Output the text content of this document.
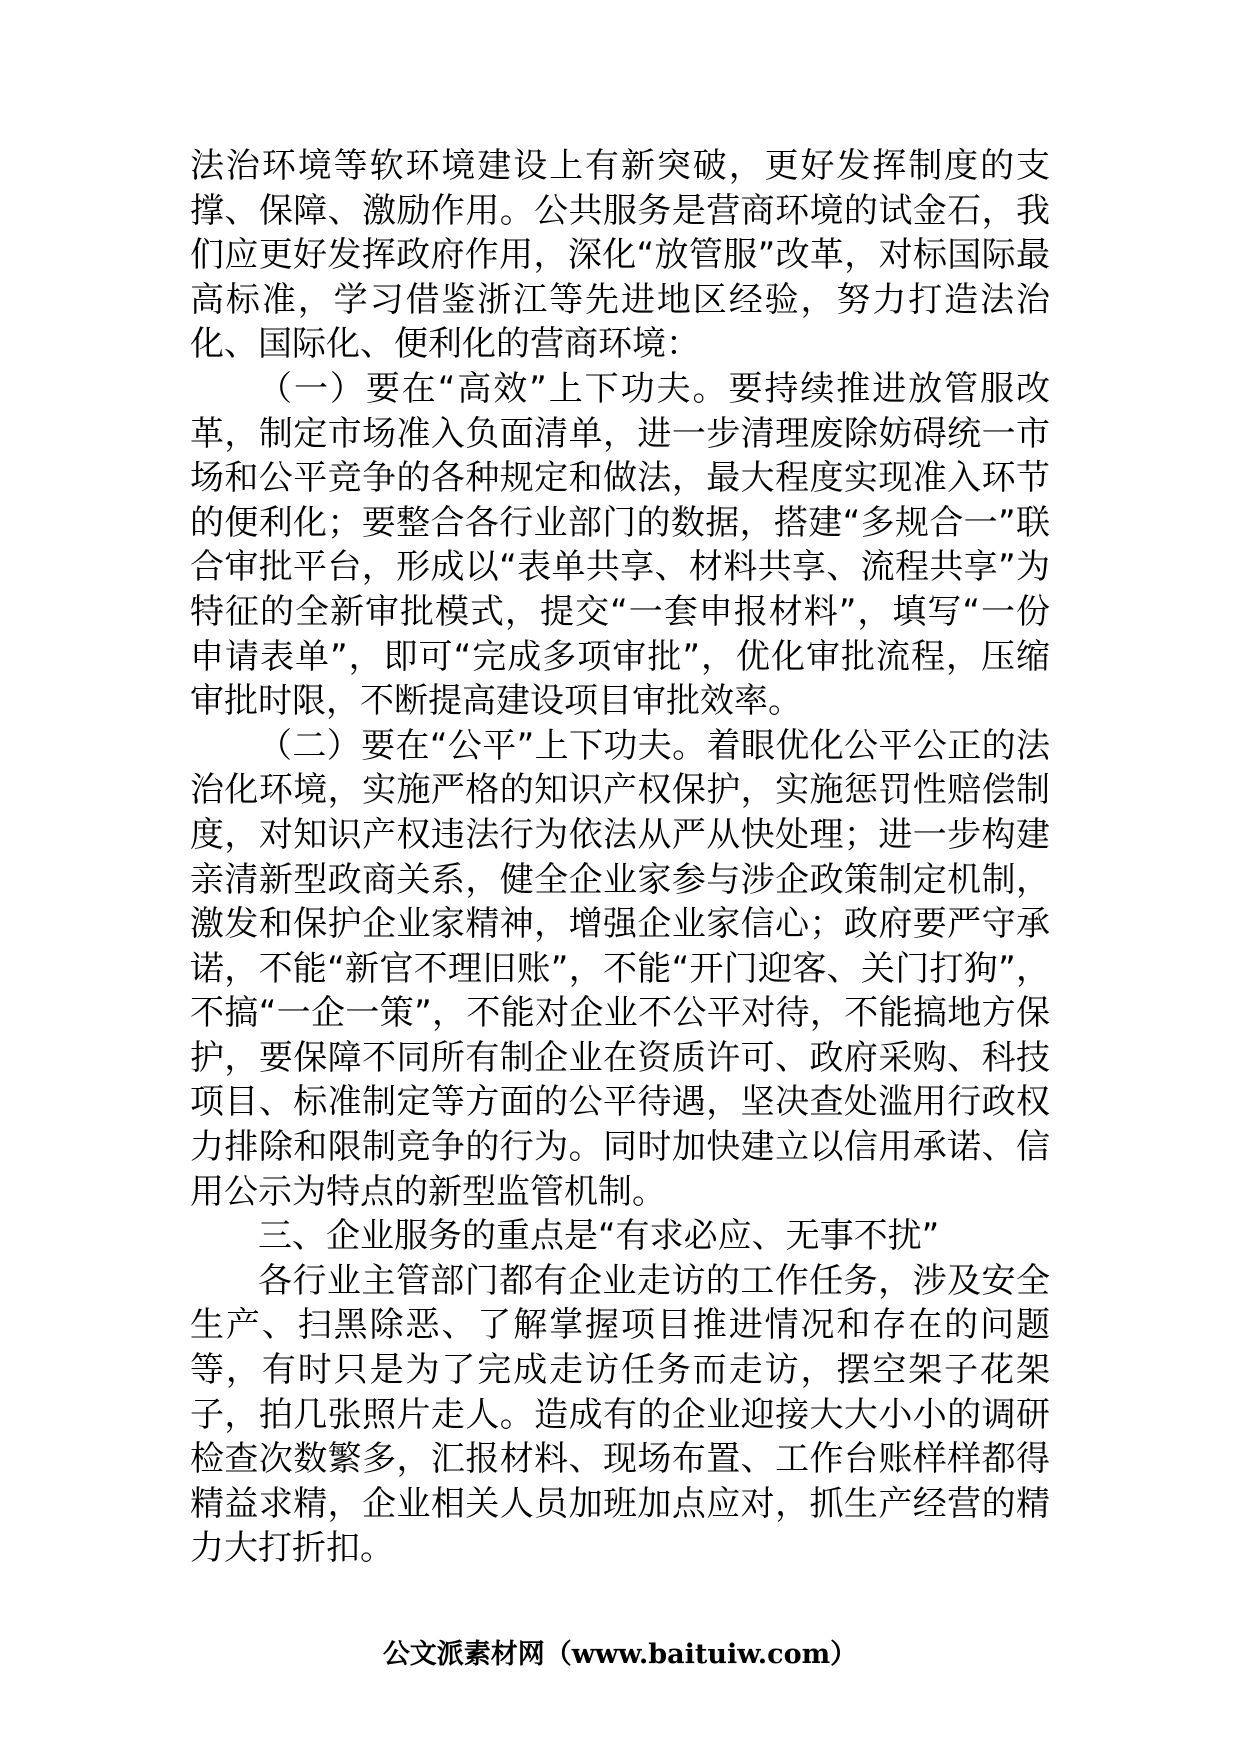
法治环境等软环境建设上有新突破，更好发挥制度的支撑、保障、激励作用。公共服务是营商环境的试金石，我们应更好发挥政府作用，深化“放管服”改革，对标国际最高标准，学习借鉴浙江等先进地区经验，努力打造法治化、国际化、便利化的营商环境：

（一）要在“高效”上下功夫。要持续推进放管服改革，制定市场准入负面清单，进一步清理废除妨碍统一市场和公平竞争的各种规定和做法，最大程度实现准入环节的便利化；要整合各行业部门的数据，搭建“多规合一”联合审批平台，形成以“表单共享、材料共享、流程共享”为特征的全新审批模式，提交“一套申报材料”，填写“一份申请表单”，即可“完成多项审批”，优化审批流程，压缩审批时限，不断提高建设项目审批效率。

（二）要在“公平”上下功夫。着眼优化公平公正的法治化环境，实施严格的知识产权保护，实施惩罚性赔偿制度，对知识产权违法行为依法从严从快处理；进一步构建亲清新型政商关系，健全企业家参与涉企政策制定机制，激发和保护企业家精神，增强企业家信心；政府要严守承诺，不能“新官不理旧账”，不能“开门迎客、关门打狗”，不搞“一企一策”，不能对企业不公平对待，不能搞地方保护，要保障不同所有制企业在资质许可、政府采购、科技项目、标准制定等方面的公平待遇，坚决查处滥用行政权力排除和限制竞争的行为。同时加快建立以信用承诺、信用公示为特点的新型监管机制。

三、企业服务的重点是“有求必应、无事不扰”

各行业主管部门都有企业走访的工作任务，涉及安全生产、扫黑除恶、了解掌握项目推进情况和存在的问题等，有时只是为了完成走访任务而走访，摆空架子花架子，拍几张照片走人。造成有的企业迎接大大小小的调研检查次数繁多，汇报材料、现场布置、工作台账样样都得精益求精，企业相关人员加班加点应对，抓生产经营的精力大打折扣。

公文派素材网（www.baituiw.com）
